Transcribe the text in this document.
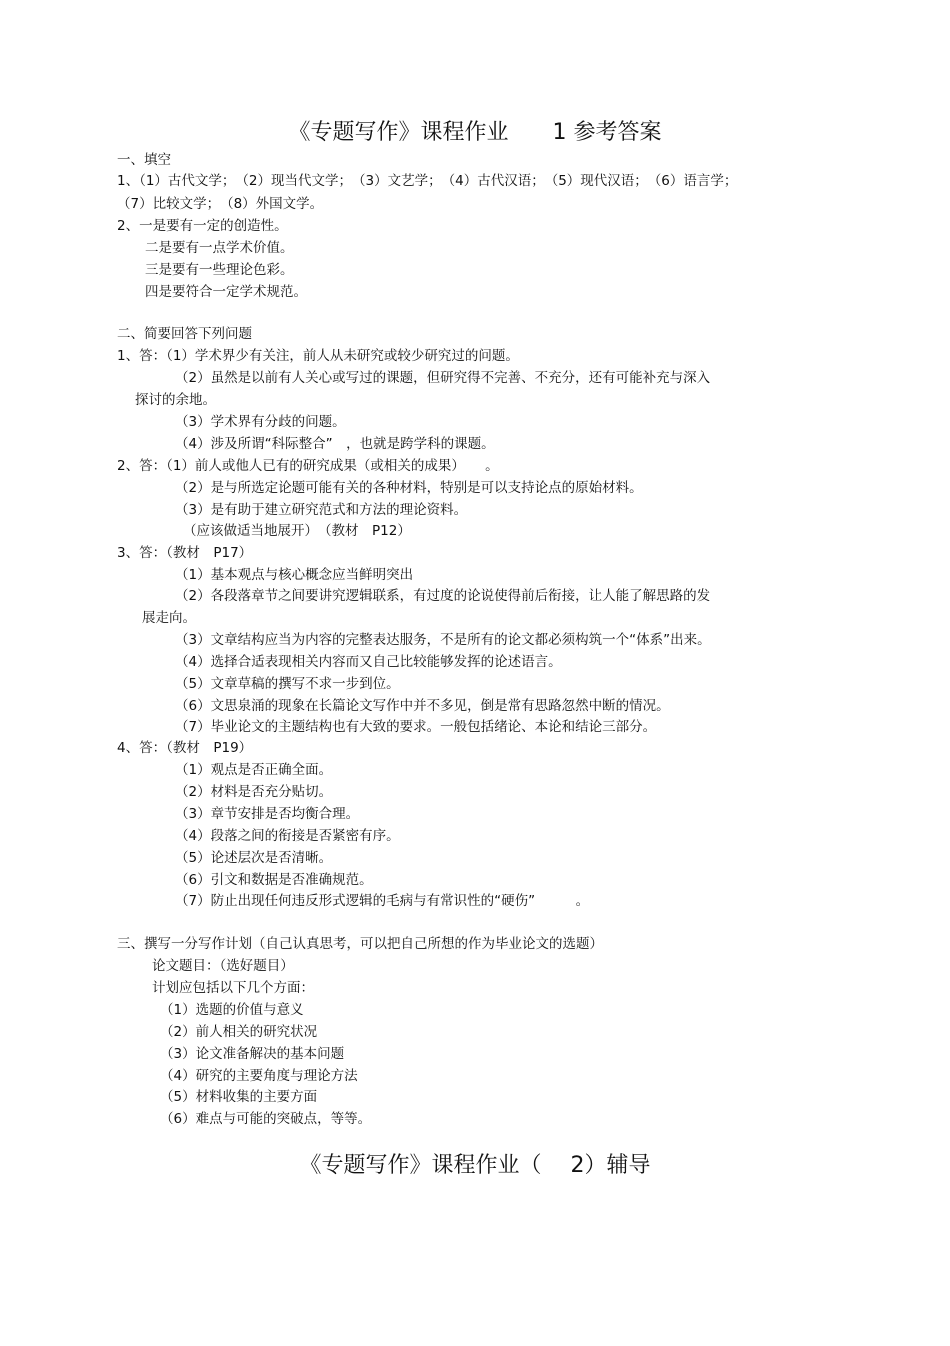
《专题写作》课程作业　　1 参考答案
一、填空
1、（1）古代文学；　（2）现当代文学；　（3）文艺学；　（4）古代汉语；　（5）现代汉语；　（6）语言学；
（7）比较文学；　（8）外国文学。
2、一是要有一定的创造性。
二是要有一点学术价值。
三是要有一些理论色彩。
四是要符合一定学术规范。
二、简要回答下列问题
1、答：（1）学术界少有关注，前人从未研究或较少研究过的问题。
（2）虽然是以前有人关心或写过的课题，但研究得不完善、不充分，还有可能补充与深入
探讨的余地。
（3）学术界有分歧的问题。
（4）涉及所谓“科际整合”　，也就是跨学科的课题。
2、答：（1）前人或他人已有的研究成果（或相关的成果）　　。
（2）是与所选定论题可能有关的各种材料，特别是可以支持论点的原始材料。
（3）是有助于建立研究范式和方法的理论资料。
（应该做适当地展开）　（教材　P12）
3、答：（教材　P17）
（1）基本观点与核心概念应当鲜明突出
（2）各段落章节之间要讲究逻辑联系，有过度的论说使得前后衔接，让人能了解思路的发
展走向。
（3）文章结构应当为内容的完整表达服务，不是所有的论文都必须构筑一个“体系”出来。
（4）选择合适表现相关内容而又自己比较能够发挥的论述语言。
（5）文章草稿的撰写不求一步到位。
（6）文思泉涌的现象在长篇论文写作中并不多见，倒是常有思路忽然中断的情况。
（7）毕业论文的主题结构也有大致的要求。一般包括绪论、本论和结论三部分。
4、答：（教材　P19）
（1）观点是否正确全面。
（2）材料是否充分贴切。
（3）章节安排是否均衡合理。
（4）段落之间的衔接是否紧密有序。
（5）论述层次是否清晰。
（6）引文和数据是否准确规范。
（7）防止出现任何违反形式逻辑的毛病与有常识性的“硬伤”　　　。
三、撰写一分写作计划（自己认真思考，可以把自己所想的作为毕业论文的选题）
论文题目：（选好题目）
计划应包括以下几个方面：
（1）选题的价值与意义
（2）前人相关的研究状况
（3）论文准备解决的基本问题
（4）研究的主要角度与理论方法
（5）材料收集的主要方面
（6）难点与可能的突破点，等等。
《专题写作》课程作业（　 2）辅导
